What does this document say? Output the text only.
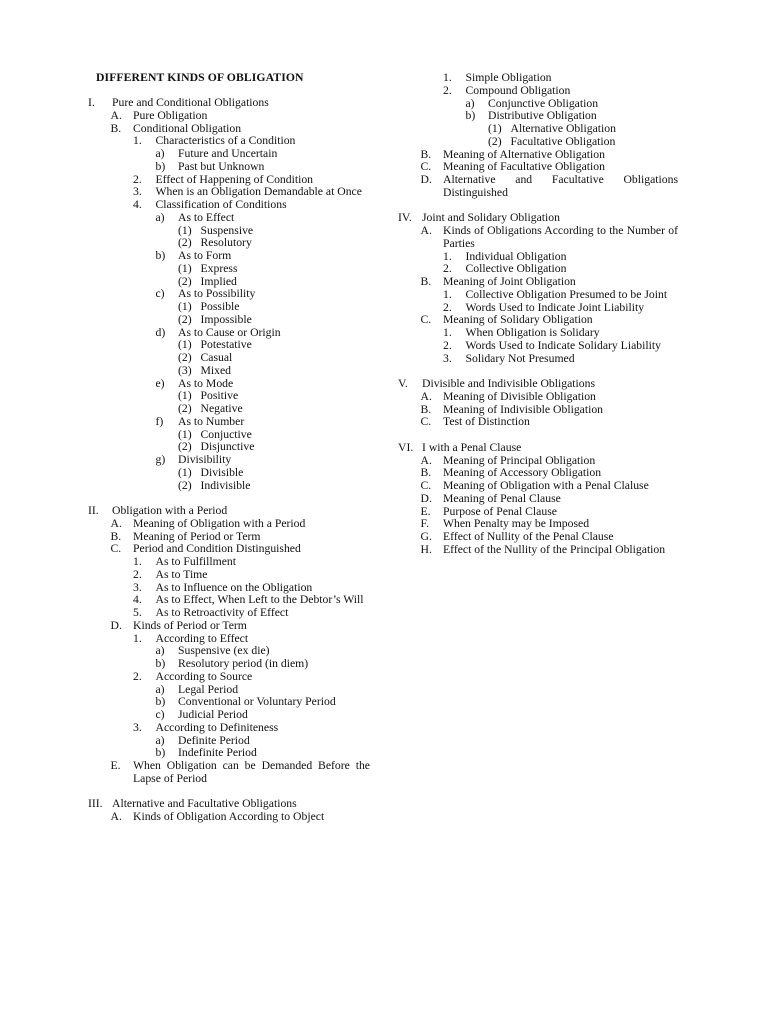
DIFFERENT KINDS OF OBLIGATION
I.	Pure and Conditional Obligations
A. Pure Obligation
B.	Conditional Obligation
1.	Characteristics of a Condition
a)	Future and Uncertain
b)	Past but Unknown
2.	Effect of Happening of Condition
3.	When is an Obligation Demandable at Once
4.	Classification of Conditions
a)	As to Effect
(1) Suspensive
(2) Resolutory
b)	As to Form
(1) Express
(2) Implied
c)	As to Possibility
(1) Possible
(2) Impossible
d)	As to Cause or Origin
(1) Potestative
(2) Casual
(3) Mixed
e)	As to Mode
(1) Positive
(2) Negative
f)	As to Number
(1) Conjuctive
(2) Disjunctive
g)	Divisibility
(1) Divisible
(2) Indivisible
II.	Obligation with a Period
A. Meaning of Obligation with a Period
B.	Meaning of Period or Term
C.	Period and Condition Distinguished
1.	As to Fulfillment
2.	As to Time
3.	As to Influence on the Obligation
4.	As to Effect, When Left to the Debtor’s Will
5.	As to Retroactivity of Effect
D. Kinds of Period or Term
1.	According to Effect
a)	Suspensive (ex die)
b)	Resolutory period (in diem)
2.	According to Source
a)	Legal Period
b)	Conventional or Voluntary Period
c)	Judicial Period
3.	According to Definiteness
a)	Definite Period
b)	Indefinite Period
E.	When Obligation can be Demanded Before the Lapse of Period
III. Alternative and Facultative Obligations
A. Kinds of Obligation According to Object
1.	Simple Obligation
2.	Compound Obligation
a)	Conjunctive Obligation
b)	Distributive Obligation
(1) Alternative Obligation
(2) Facultative Obligation
B.	Meaning of Alternative Obligation
C.	Meaning of Facultative Obligation
D. Alternative and Facultative Obligations Distinguished
IV. Joint and Solidary Obligation
A. Kinds of Obligations According to the Number of Parties
1.	Individual Obligation
2.	Collective Obligation
B.	Meaning of Joint Obligation
1.	Collective Obligation Presumed to be Joint
2.	Words Used to Indicate Joint Liability
C.	Meaning of Solidary Obligation
1.	When Obligation is Solidary
2.	Words Used to Indicate Solidary Liability
3.	Solidary Not Presumed
V.	Divisible and Indivisible Obligations
A. Meaning of Divisible Obligation
B.	Meaning of Indivisible Obligation
C.	Test of Distinction
VI. I with a Penal Clause
A. Meaning of Principal Obligation
B.	Meaning of Accessory Obligation
C.	Meaning of Obligation with a Penal Claluse
D. Meaning of Penal Clause
E.	Purpose of Penal Clause
F.	When Penalty may be Imposed
G. Effect of Nullity of the Penal Clause
H. Effect of the Nullity of the Principal Obligation
